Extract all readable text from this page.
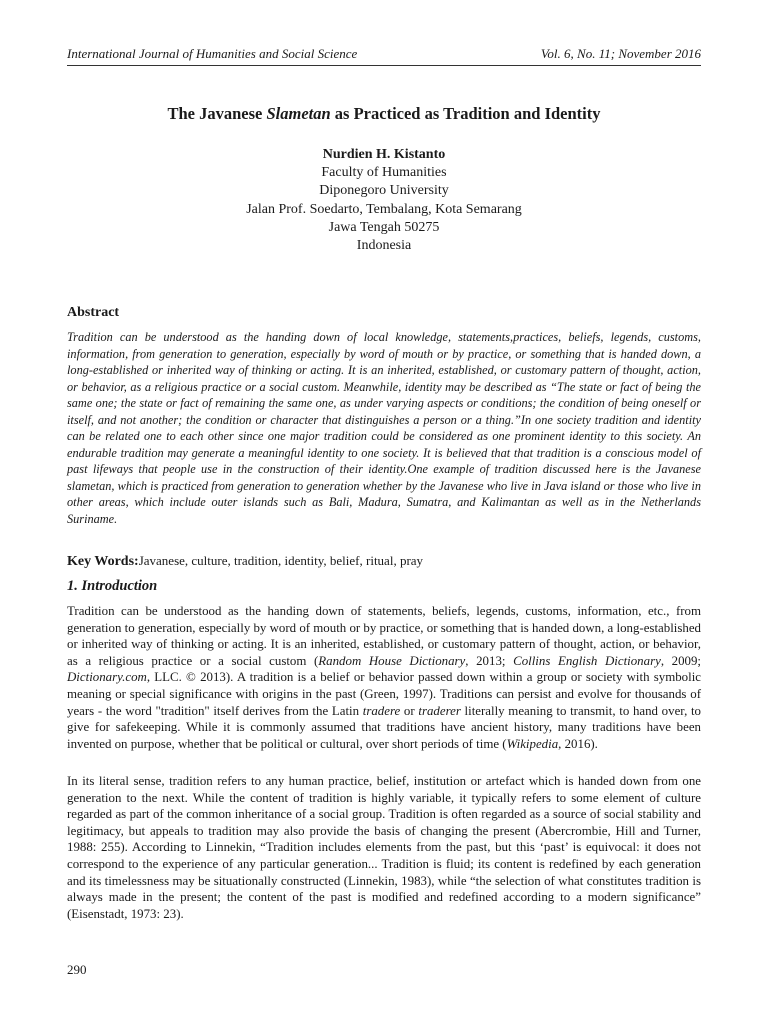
International Journal of Humanities and Social Science	Vol. 6, No. 11; November 2016
The Javanese Slametan as Practiced as Tradition and Identity
Nurdien H. Kistanto
Faculty of Humanities
Diponegoro University
Jalan Prof. Soedarto, Tembalang, Kota Semarang
Jawa Tengah 50275
Indonesia
Abstract
Tradition can be understood as the handing down of local knowledge, statements,practices, beliefs, legends, customs, information, from generation to generation, especially by word of mouth or by practice, or something that is handed down, a long-established or inherited way of thinking or acting. It is an inherited, established, or customary pattern of thought, action, or behavior, as a religious practice or a social custom. Meanwhile, identity may be described as “The state or fact of being the same one; the state or fact of remaining the same one, as under varying aspects or conditions; the condition of being oneself or itself, and not another; the condition or character that distinguishes a person or a thing.”In one society tradition and identity can be related one to each other since one major tradition could be considered as one prominent identity to this society. An endurable tradition may generate a meaningful identity to one society. It is believed that that tradition is a conscious model of past lifeways that people use in the construction of their identity.One example of tradition discussed here is the Javanese slametan, which is practiced from generation to generation whether by the Javanese who live in Java island or those who live in other areas, which include outer islands such as Bali, Madura, Sumatra, and Kalimantan as well as in the Netherlands Suriname.
Key Words:Javanese, culture, tradition, identity, belief, ritual, pray
1. Introduction
Tradition can be understood as the handing down of statements, beliefs, legends, customs, information, etc., from generation to generation, especially by word of mouth or by practice, or something that is handed down, a long-established or inherited way of thinking or acting. It is an inherited, established, or customary pattern of thought, action, or behavior, as a religious practice or a social custom (Random House Dictionary, 2013; Collins English Dictionary, 2009; Dictionary.com, LLC. © 2013). A tradition is a belief or behavior passed down within a group or society with symbolic meaning or special significance with origins in the past (Green, 1997). Traditions can persist and evolve for thousands of years - the word "tradition" itself derives from the Latin tradere or traderer literally meaning to transmit, to hand over, to give for safekeeping. While it is commonly assumed that traditions have ancient history, many traditions have been invented on purpose, whether that be political or cultural, over short periods of time (Wikipedia, 2016).
In its literal sense, tradition refers to any human practice, belief, institution or artefact which is handed down from one generation to the next. While the content of tradition is highly variable, it typically refers to some element of culture regarded as part of the common inheritance of a social group. Tradition is often regarded as a source of social stability and legitimacy, but appeals to tradition may also provide the basis of changing the present (Abercrombie, Hill and Turner, 1988: 255). According to Linnekin, “Tradition includes elements from the past, but this ‘past’ is equivocal: it does not correspond to the experience of any particular generation... Tradition is fluid; its content is redefined by each generation and its timelessness may be situationally constructed (Linnekin, 1983), while “the selection of what constitutes tradition is always made in the present; the content of the past is modified and redefined according to a modern significance” (Eisenstadt, 1973: 23).
290
